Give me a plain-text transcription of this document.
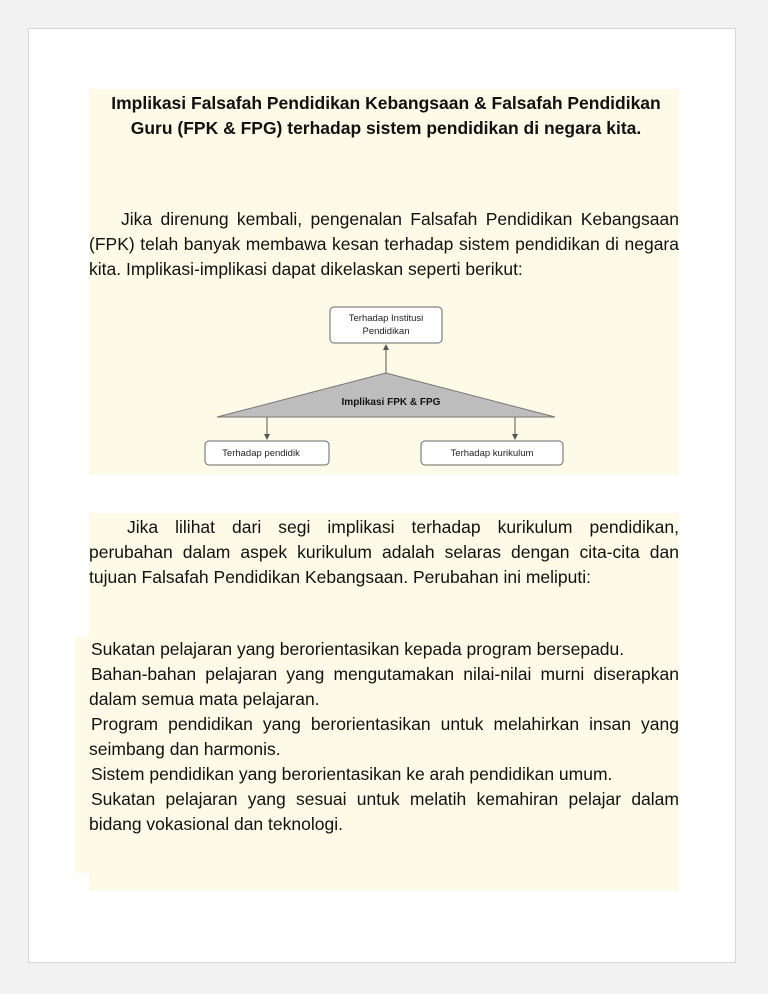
Implikasi Falsafah Pendidikan Kebangsaan & Falsafah Pendidikan Guru (FPK & FPG) terhadap sistem pendidikan di negara kita.

Jika direnung kembali, pengenalan Falsafah Pendidikan Kebangsaan (FPK) telah banyak membawa kesan terhadap sistem pendidikan di negara kita. Implikasi-implikasi dapat dikelaskan seperti berikut:

Terhadap Institusi
Pendidikan
Implikasi FPK & FPG
Terhadap pendidik	Terhadap kurikulum

Jika lilihat dari segi implikasi terhadap kurikulum pendidikan, perubahan dalam aspek kurikulum adalah selaras dengan cita-cita dan tujuan Falsafah Pendidikan Kebangsaan. Perubahan ini meliputi:

Sukatan pelajaran yang berorientasikan kepada program bersepadu.
Bahan-bahan pelajaran yang mengutamakan nilai-nilai murni diserapkan dalam semua mata pelajaran.
Program pendidikan yang berorientasikan untuk melahirkan insan yang seimbang dan harmonis.
Sistem pendidikan yang berorientasikan ke arah pendidikan umum.
Sukatan pelajaran yang sesuai untuk melatih kemahiran pelajar dalam bidang vokasional dan teknologi.
